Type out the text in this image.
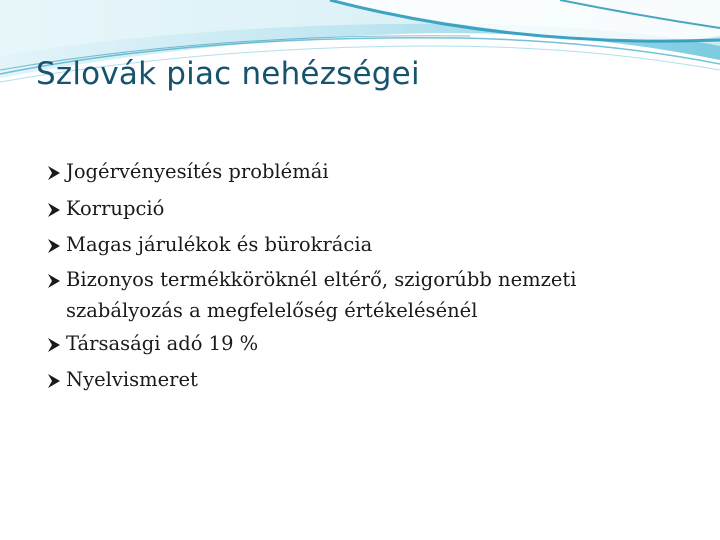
Szlovák piac nehézségei
Jogérvényesítés problémái
Korrupció
Magas járulékok és bürokrácia
Bizonyos termékköröknél eltérő, szigorúbb nemzeti szabályozás a megfelelőség értékelésénél
Társasági adó 19 %
Nyelvismeret
